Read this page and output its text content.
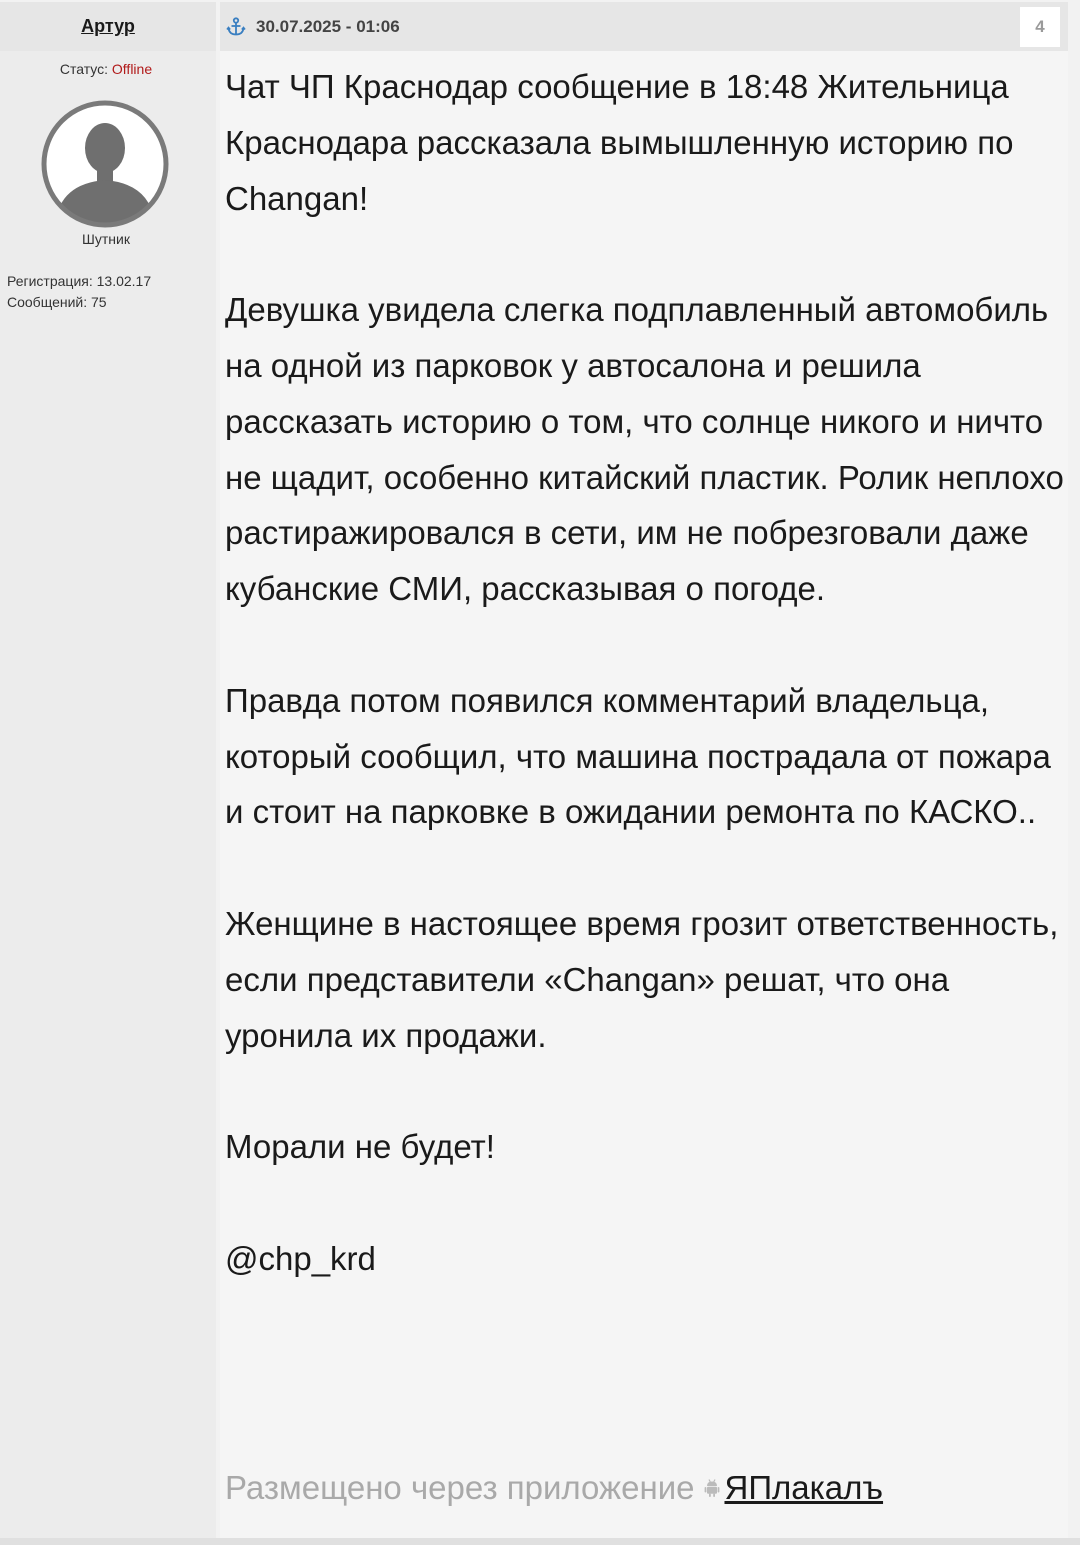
Артур	30.07.2025 - 01:06	4
Статус: Offline
Шутник
Регистрация: 13.02.17
Сообщений: 75

Чат ЧП Краснодар сообщение в 18:48 Жительница Краснодара рассказала вымышленную историю по Changan!

Девушка увидела слегка подплавленный автомобиль на одной из парковок у автосалона и решила рассказать историю о том, что солнце никого и ничто не щадит, особенно китайский пластик. Ролик неплохо растиражировался в сети, им не побрезговали даже кубанские СМИ, рассказывая о погоде.

Правда потом появился комментарий владельца, который сообщил, что машина пострадала от пожара и стоит на парковке в ожидании ремонта по КАСКО..

Женщине в настоящее время грозит ответственность, если представители «Changan» решат, что она уронила их продажи.

Морали не будет!

@chp_krd

Размещено через приложение ЯПлакалъ
